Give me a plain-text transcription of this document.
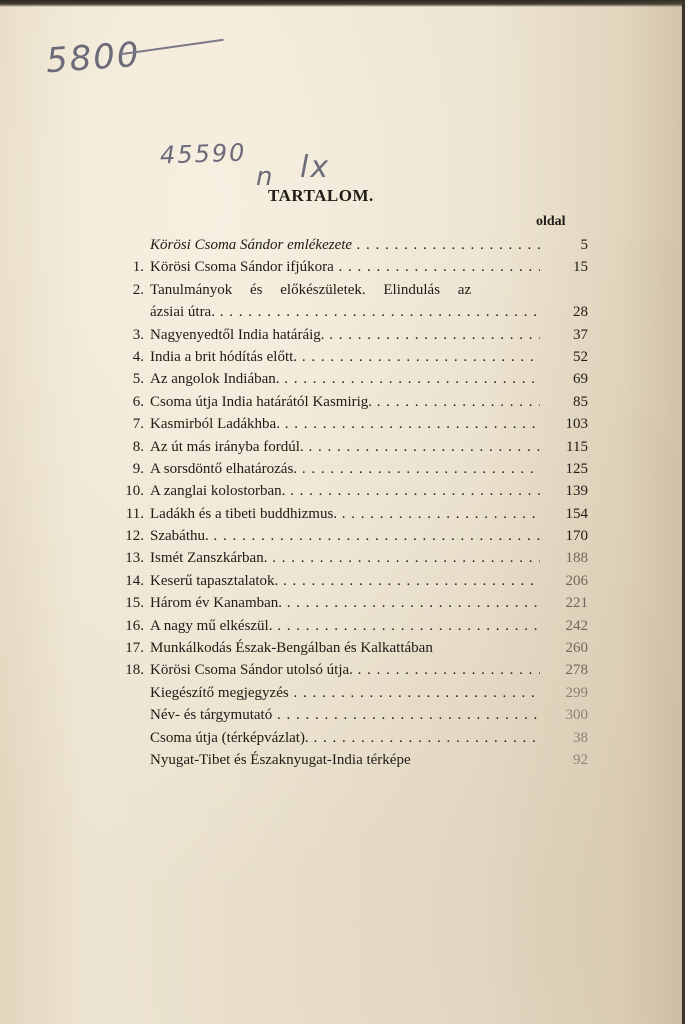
5800
45590
n lx
TARTALOM.
oldal
Körösi Csoma Sándor emlékezete . .	5
1. Körösi Csoma Sándor ifjúkora . .	15
2. Tanulmányok és előkészületek. Elindulás az
ázsiai útra. . .	28
3. Nagyenyedtől India határáig. . .	37
4. India a brit hódítás előtt. . .	52
5. Az angolok Indiában. . .	69
6. Csoma útja India határától Kasmirig. . .	85
7. Kasmirból Ladákhba. . .	103
8. Az út más irányba fordúl. . .	115
9. A sorsdöntő elhatározás. . .	125
10. A zanglai kolostorban. . .	139
11. Ladákh és a tibeti buddhizmus. . .	154
12. Szabáthu. . .	170
13. Ismét Zanszkárban. . .	188
14. Keserű tapasztalatok. . .	206
15. Három év Kanamban. . .	221
16. A nagy mű elkészül. . .	242
17. Munkálkodás Észak-Bengálban és Kalkattában	260
18. Körösi Csoma Sándor utolsó útja. . .	278
Kiegészítő megjegyzés . .	299
Név- és tárgymutató . .	300
Csoma útja (térképvázlat). . .	38
Nyugat-Tibet és Északnyugat-India térképe	92
